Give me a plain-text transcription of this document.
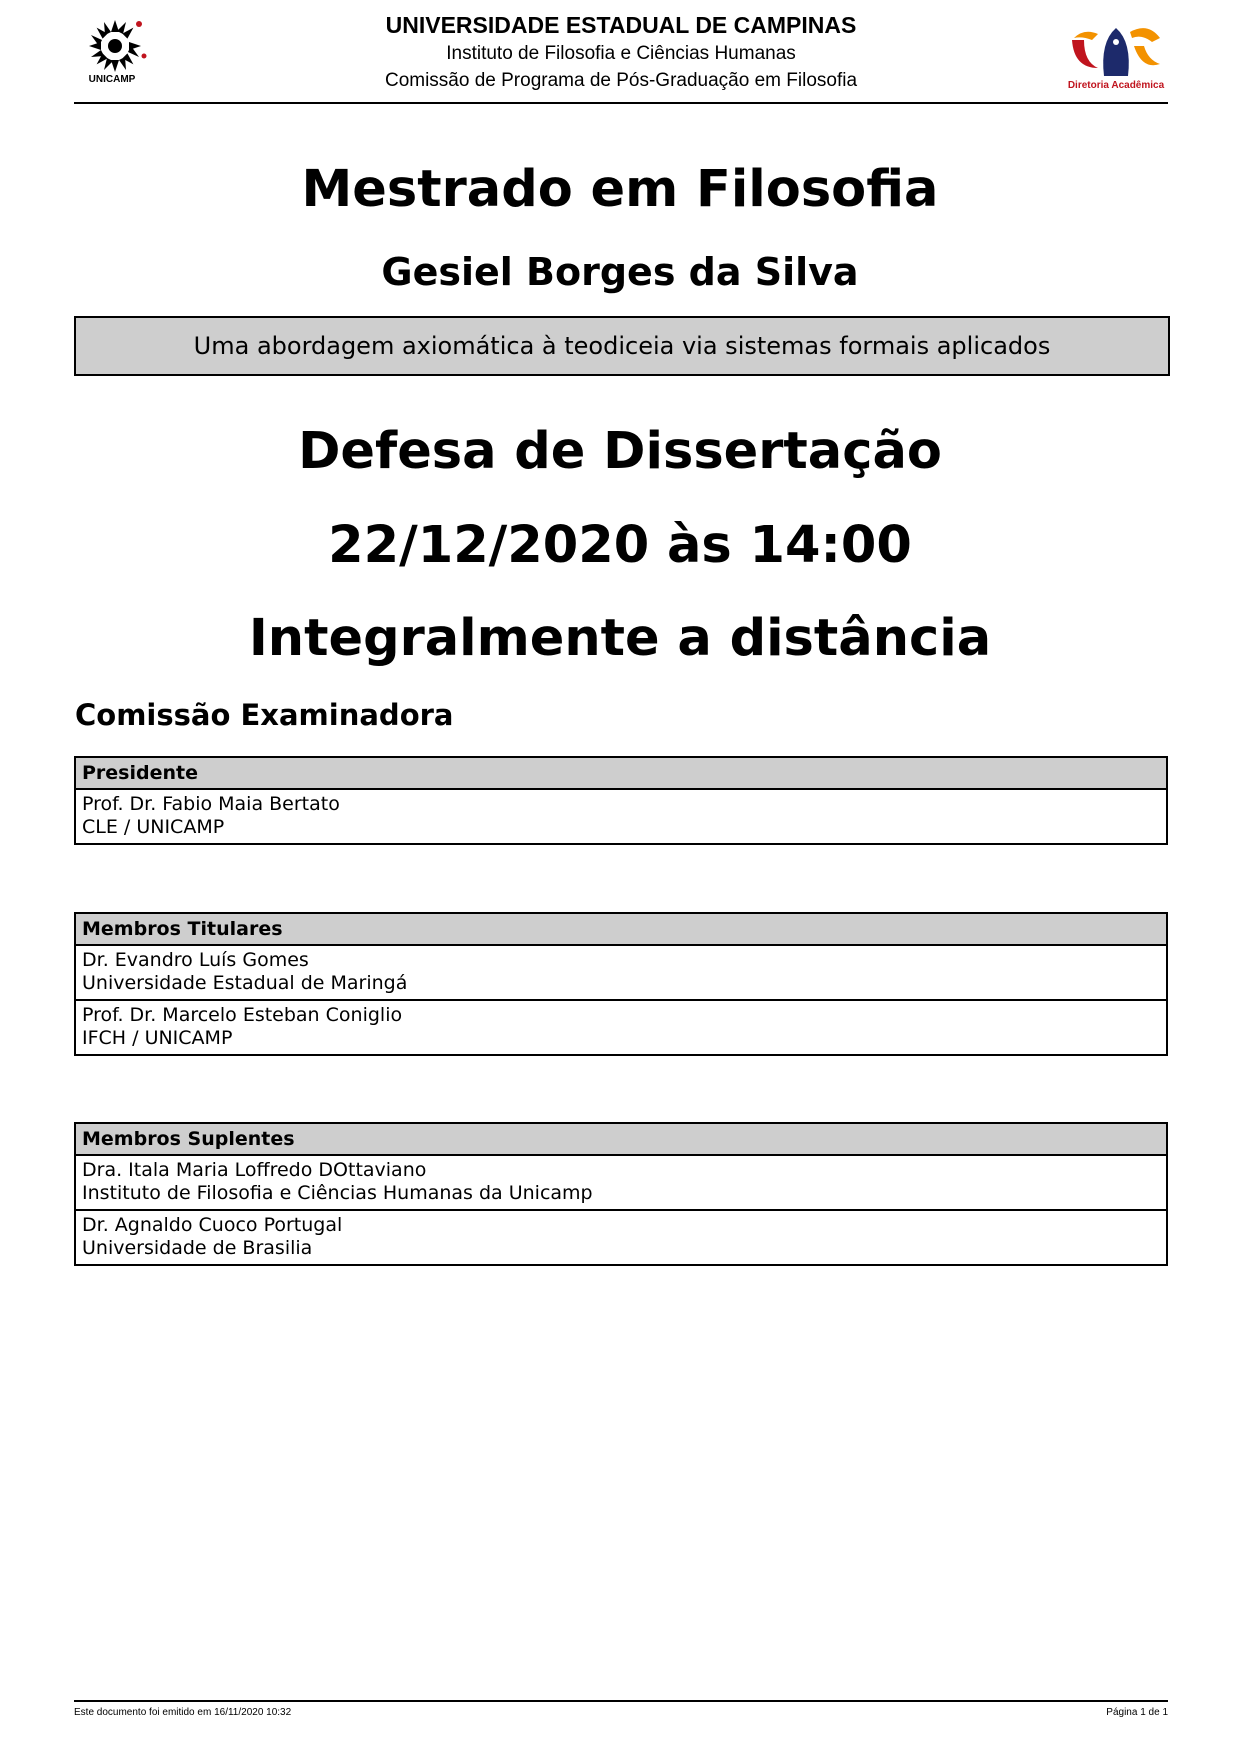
UNICAMP
UNIVERSIDADE ESTADUAL DE CAMPINAS
Instituto de Filosofia e Ciências Humanas
Comissão de Programa de Pós-Graduação em Filosofia	Diretoria Acadêmica
Mestrado em Filosofia
Gesiel Borges da Silva
Uma abordagem axiomática à teodiceia via sistemas formais aplicados
Defesa de Dissertação
22/12/2020 às 14:00
Integralmente a distância
Comissão Examinadora
Presidente
Prof. Dr. Fabio Maia Bertato
CLE / UNICAMP
Membros Titulares
Dr. Evandro Luís Gomes
Universidade Estadual de Maringá
Prof. Dr. Marcelo Esteban Coniglio
IFCH / UNICAMP
Membros Suplentes
Dra. Itala Maria Loffredo DOttaviano
Instituto de Filosofia e Ciências Humanas da Unicamp
Dr. Agnaldo Cuoco Portugal
Universidade de Brasilia
Este documento foi emitido em 16/11/2020 10:32	Página 1 de 1
